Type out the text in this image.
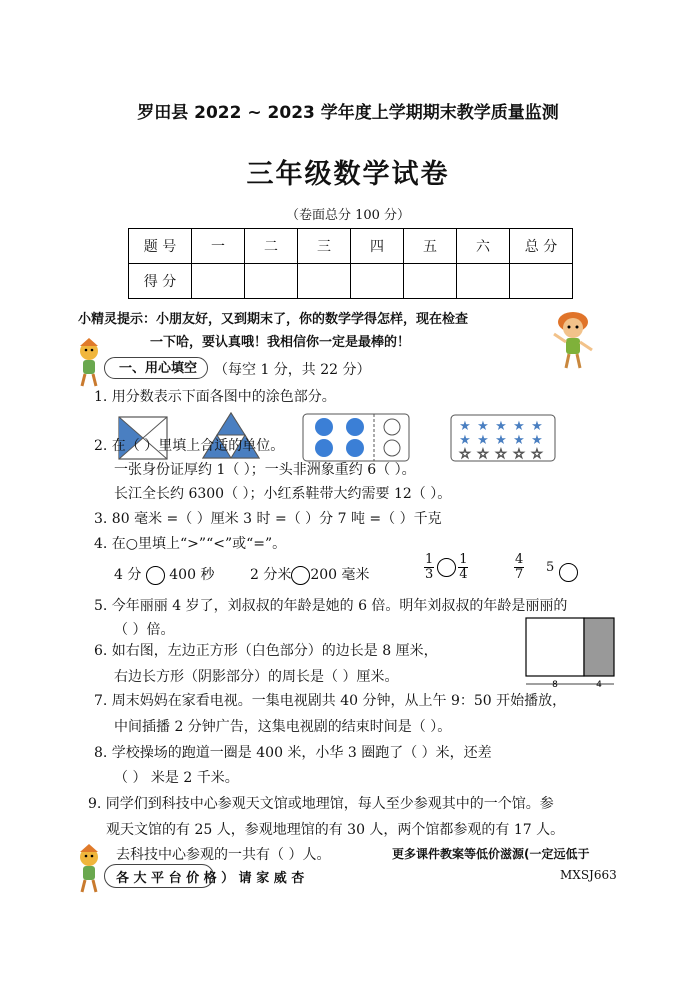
罗田县 2022 ~ 2023 学年度上学期期末教学质量监测
三年级数学试卷
（卷面总分 100 分）
题 号	一	二	三	四	五	六	总 分
得 分							
小精灵提示：小朋友好，又到期末了，你的数学学得怎样，现在检查
一下哈，要认真哦！我相信你一定是最棒的！
一、用心填空	（每空 1 分，共 22 分）
1. 用分数表示下面各图中的涂色部分。
★ ★ ★ ★ ★
★ ★ ★ ★ ★
☆ ☆ ☆ ☆ ☆
2. 在（ ）里填上合适的单位。
一张身份证厚约 1（ ）；一头非洲象重约 6（ ）。
长江全长约 6300（ ）；小红系鞋带大约需要 12（ ）。
3. 80 毫米 =（ ）厘米 3 时 =（ ）分 7 吨 =（ ）千克
4. 在○里填上“>”“<”或“=”。
4 分 400 秒	2 分米 200 毫米	$\frac{1}{3}$
$\frac{1}{4}$	$\frac{4}{7} 5$

5. 今年丽丽 4 岁了，刘叔叔的年龄是她的 6 倍。明年刘叔叔的年龄是丽丽的
（ ）倍。
6. 如右图，左边正方形（白色部分）的边长是 8 厘米，
右边长方形（阴影部分）的周长是（ ）厘米。	8	4
7. 周末妈妈在家看电视。一集电视剧共 40 分钟，从上午 9：50 开始播放，
中间插播 2 分钟广告，这集电视剧的结束时间是（ ）。
8. 学校操场的跑道一圈是 400 米，小华 3 圈跑了（ ）米，还差
（ ） 米是 2 千米。
9. 同学们到科技中心参观天文馆或地理馆，每人至少参观其中的一个馆。参
观天文馆的有 25 人，参观地理馆的有 30 人，两个馆都参观的有 17 人。
去科技中心参观的一共有（ ）人。	更多课件教案等低价滋源(一定远低于
各 大 平 台 价 格 ） 请 家 威 杏	MXSJ663
